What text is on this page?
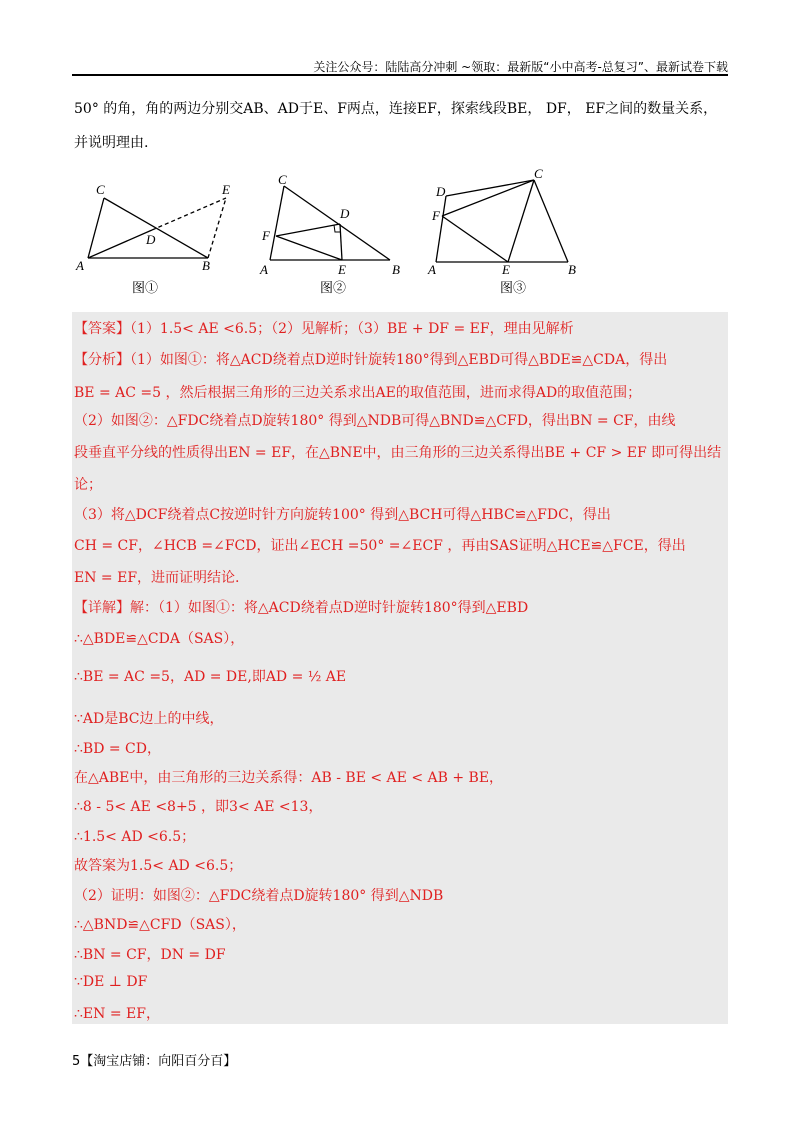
关注公众号：陆陆高分冲刺 ~领取：最新版“小中高考-总复习”、最新试卷下载
50° 的角，角的两边分别交AB、AD于E、F两点，连接EF，探索线段BE， DF， EF之间的数量关系，
并说明理由.
A	B
C
D
E
图①
A	B
C
D
E
F
图②
A	B
C
D
E
F
图③
【答案】（1）1.5< AE <6.5；（2）见解析；（3）BE + DF = EF，理由见解析
【分析】（1）如图①：将△ACD绕着点D逆时针旋转180°得到△EBD可得△BDE≌△CDA，得出
BE = AC =5 ，然后根据三角形的三边关系求出AE的取值范围，进而求得AD的取值范围；
（2）如图②：△FDC绕着点D旋转180° 得到△NDB可得△BND≌△CFD，得出BN = CF，由线
段垂直平分线的性质得出EN = EF，在△BNE中，由三角形的三边关系得出BE + CF > EF 即可得出结
论；
（3）将△DCF绕着点C按逆时针方向旋转100° 得到△BCH可得△HBC≌△FDC，得出
CH = CF，∠HCB =∠FCD，证出∠ECH =50° =∠ECF ，再由SAS证明△HCE≌△FCE，得出
EN = EF，进而证明结论.
【详解】解：（1）如图①：将△ACD绕着点D逆时针旋转180°得到△EBD
∴△BDE≌△CDA（SAS），
∴BE = AC =5，AD = DE,即AD = ½ AE
∵AD是BC边上的中线，
∴BD = CD，
在△ABE中，由三角形的三边关系得：AB - BE < AE < AB + BE，
∴8 - 5< AE <8+5 ，即3< AE <13，
∴1.5< AD <6.5；
故答案为1.5< AD <6.5；
（2）证明：如图②：△FDC绕着点D旋转180° 得到△NDB
∴△BND≌△CFD（SAS），
∴BN = CF，DN = DF
∵DE ⊥ DF
∴EN = EF，
5【淘宝店铺：向阳百分百】
